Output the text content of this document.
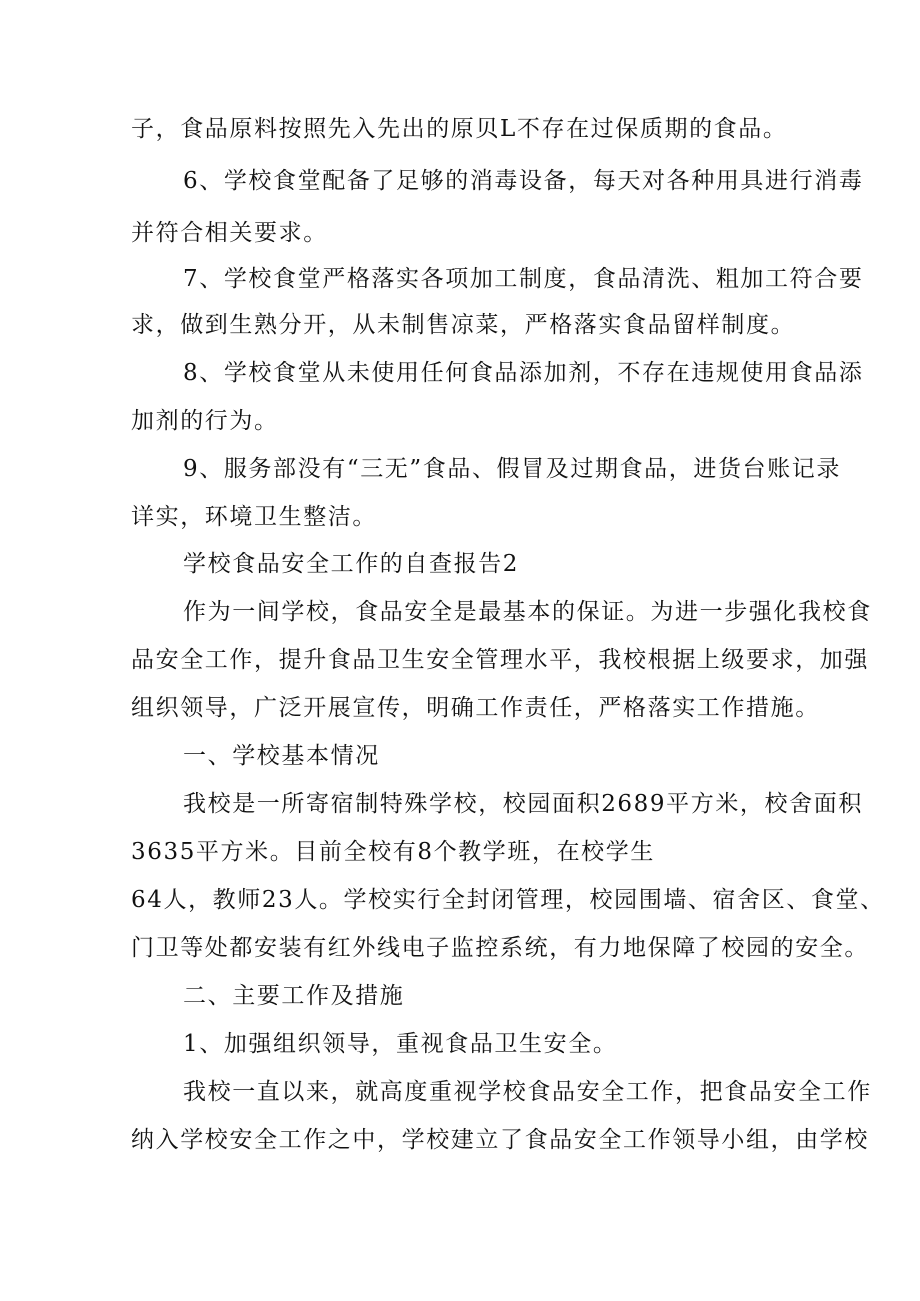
子，食品原料按照先入先出的原贝L不存在过保质期的食品。
6、学校食堂配备了足够的消毒设备，每天对各种用具进行消毒
并符合相关要求。
7、学校食堂严格落实各项加工制度，食品清洗、粗加工符合要
求，做到生熟分开，从未制售凉菜，严格落实食品留样制度。
8、学校食堂从未使用任何食品添加剂，不存在违规使用食品添
加剂的行为。
9、服务部没有“三无”食品、假冒及过期食品，进货台账记录
详实，环境卫生整洁。
学校食品安全工作的自查报告2
作为一间学校，食品安全是最基本的保证。为进一步强化我校食
品安全工作，提升食品卫生安全管理水平，我校根据上级要求，加强
组织领导，广泛开展宣传，明确工作责任，严格落实工作措施。
一、学校基本情况
我校是一所寄宿制特殊学校，校园面积2689平方米，校舍面积
3635平方米。目前全校有8个教学班，在校学生
64人，教师23人。学校实行全封闭管理，校园围墙、宿舍区、食堂、
门卫等处都安装有红外线电子监控系统，有力地保障了校园的安全。
二、主要工作及措施
1、加强组织领导，重视食品卫生安全。
我校一直以来，就高度重视学校食品安全工作，把食品安全工作
纳入学校安全工作之中，学校建立了食品安全工作领导小组，由学校
